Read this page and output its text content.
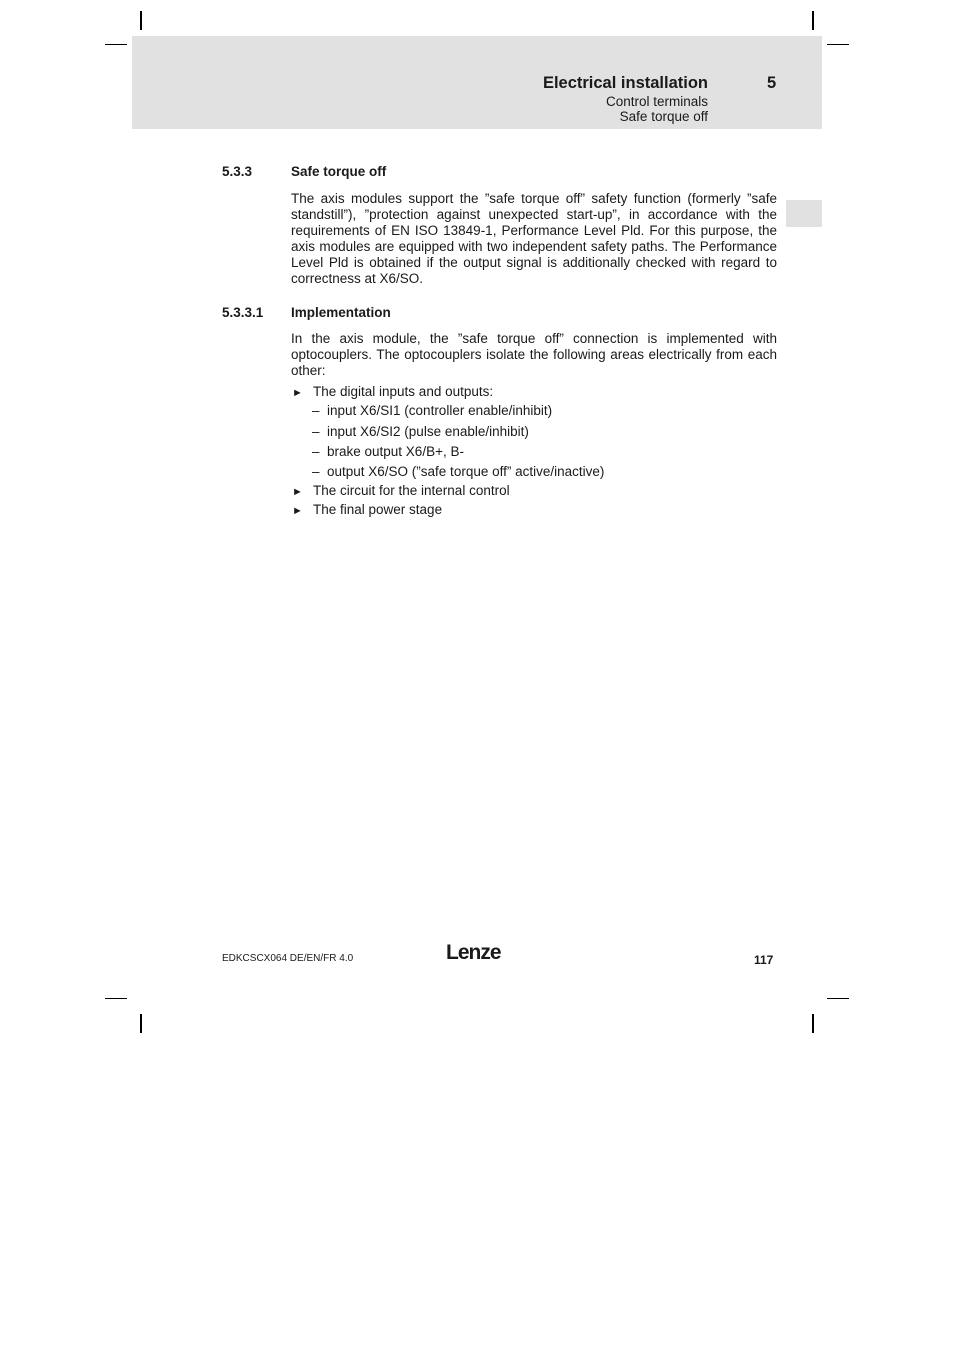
Electrical installation	5
Control terminals
Safe torque off
5.3.3	Safe torque off

The axis modules support the ”safe torque off” safety function (formerly ”safe standstill”), ”protection against unexpected start-up”, in accordance with the requirements of EN ISO 13849-1, Performance Level Pld. For this purpose, the axis modules are equipped with two independent safety paths. The Performance Level Pld is obtained if the output signal is additionally checked with regard to correctness at X6/SO.

5.3.3.1 Implementation

In the axis module, the ”safe torque off” connection is implemented with optocouplers. The optocouplers isolate the following areas electrically from each other:

► The digital inputs and outputs:
– input X6/SI1 (controller enable/inhibit)
– input X6/SI2 (pulse enable/inhibit)
– brake output X6/B+, B-
– output X6/SO (”safe torque off” active/inactive)
► The circuit for the internal control
► The final power stage
EDKCSCX064 DE/EN/FR 4.0	Lenze	117
